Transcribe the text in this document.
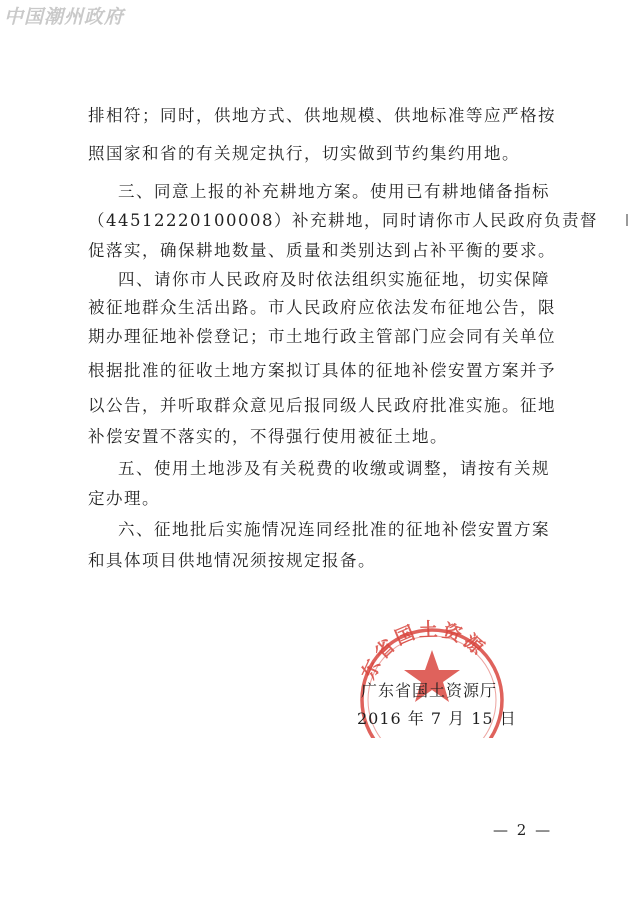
中国潮州政府
排相符；同时，供地方式、供地规模、供地标准等应严格按
照国家和省的有关规定执行，切实做到节约集约用地。
三、同意上报的补充耕地方案。使用已有耕地储备指标
（44512220100008）补充耕地，同时请你市人民政府负责督
促落实，确保耕地数量、质量和类别达到占补平衡的要求。
四、请你市人民政府及时依法组织实施征地，切实保障
被征地群众生活出路。市人民政府应依法发布征地公告，限
期办理征地补偿登记；市土地行政主管部门应会同有关单位
根据批准的征收土地方案拟订具体的征地补偿安置方案并予
以公告，并听取群众意见后报同级人民政府批准实施。征地
补偿安置不落实的，不得强行使用被征土地。
五、使用土地涉及有关税费的收缴或调整，请按有关规
定办理。
六、征地批后实施情况连同经批准的征地补偿安置方案
和具体项目供地情况须按规定报备。
东省国土资源
广东省国土资源厅
2016 年 7 月 15 日
— 2 —
